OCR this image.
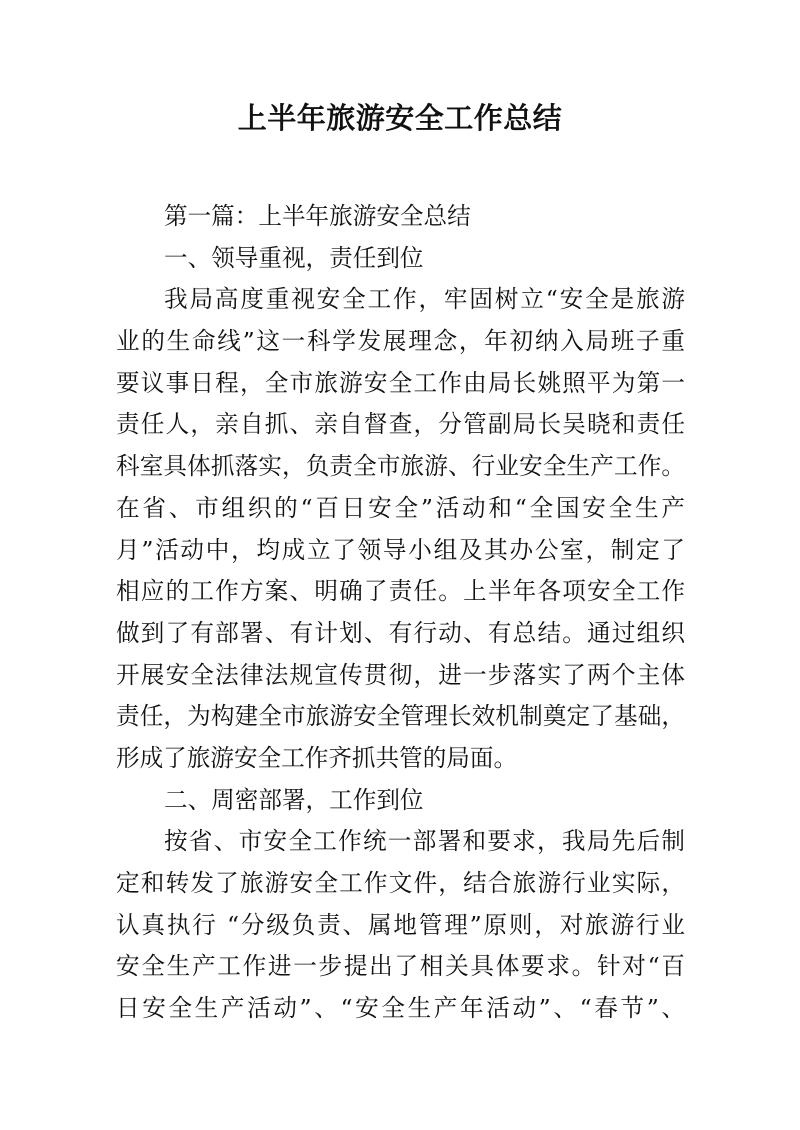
上半年旅游安全工作总结
第一篇：上半年旅游安全总结
一、领导重视，责任到位
我局高度重视安全工作，牢固树立“安全是旅游
业的生命线”这一科学发展理念，年初纳入局班子重
要议事日程，全市旅游安全工作由局长姚照平为第一
责任人，亲自抓、亲自督查，分管副局长吴晓和责任
科室具体抓落实，负责全市旅游、行业安全生产工作。
在省、市组织的“百日安全”活动和“全国安全生产
月”活动中，均成立了领导小组及其办公室，制定了
相应的工作方案、明确了责任。上半年各项安全工作
做到了有部署、有计划、有行动、有总结。通过组织
开展安全法律法规宣传贯彻，进一步落实了两个主体
责任，为构建全市旅游安全管理长效机制奠定了基础，
形成了旅游安全工作齐抓共管的局面。
二、周密部署，工作到位
按省、市安全工作统一部署和要求，我局先后制
定和转发了旅游安全工作文件，结合旅游行业实际，
认真执行 “分级负责、属地管理”原则，对旅游行业
安全生产工作进一步提出了相关具体要求。针对“百
日安全生产活动”、“安全生产年活动”、“春节”、
